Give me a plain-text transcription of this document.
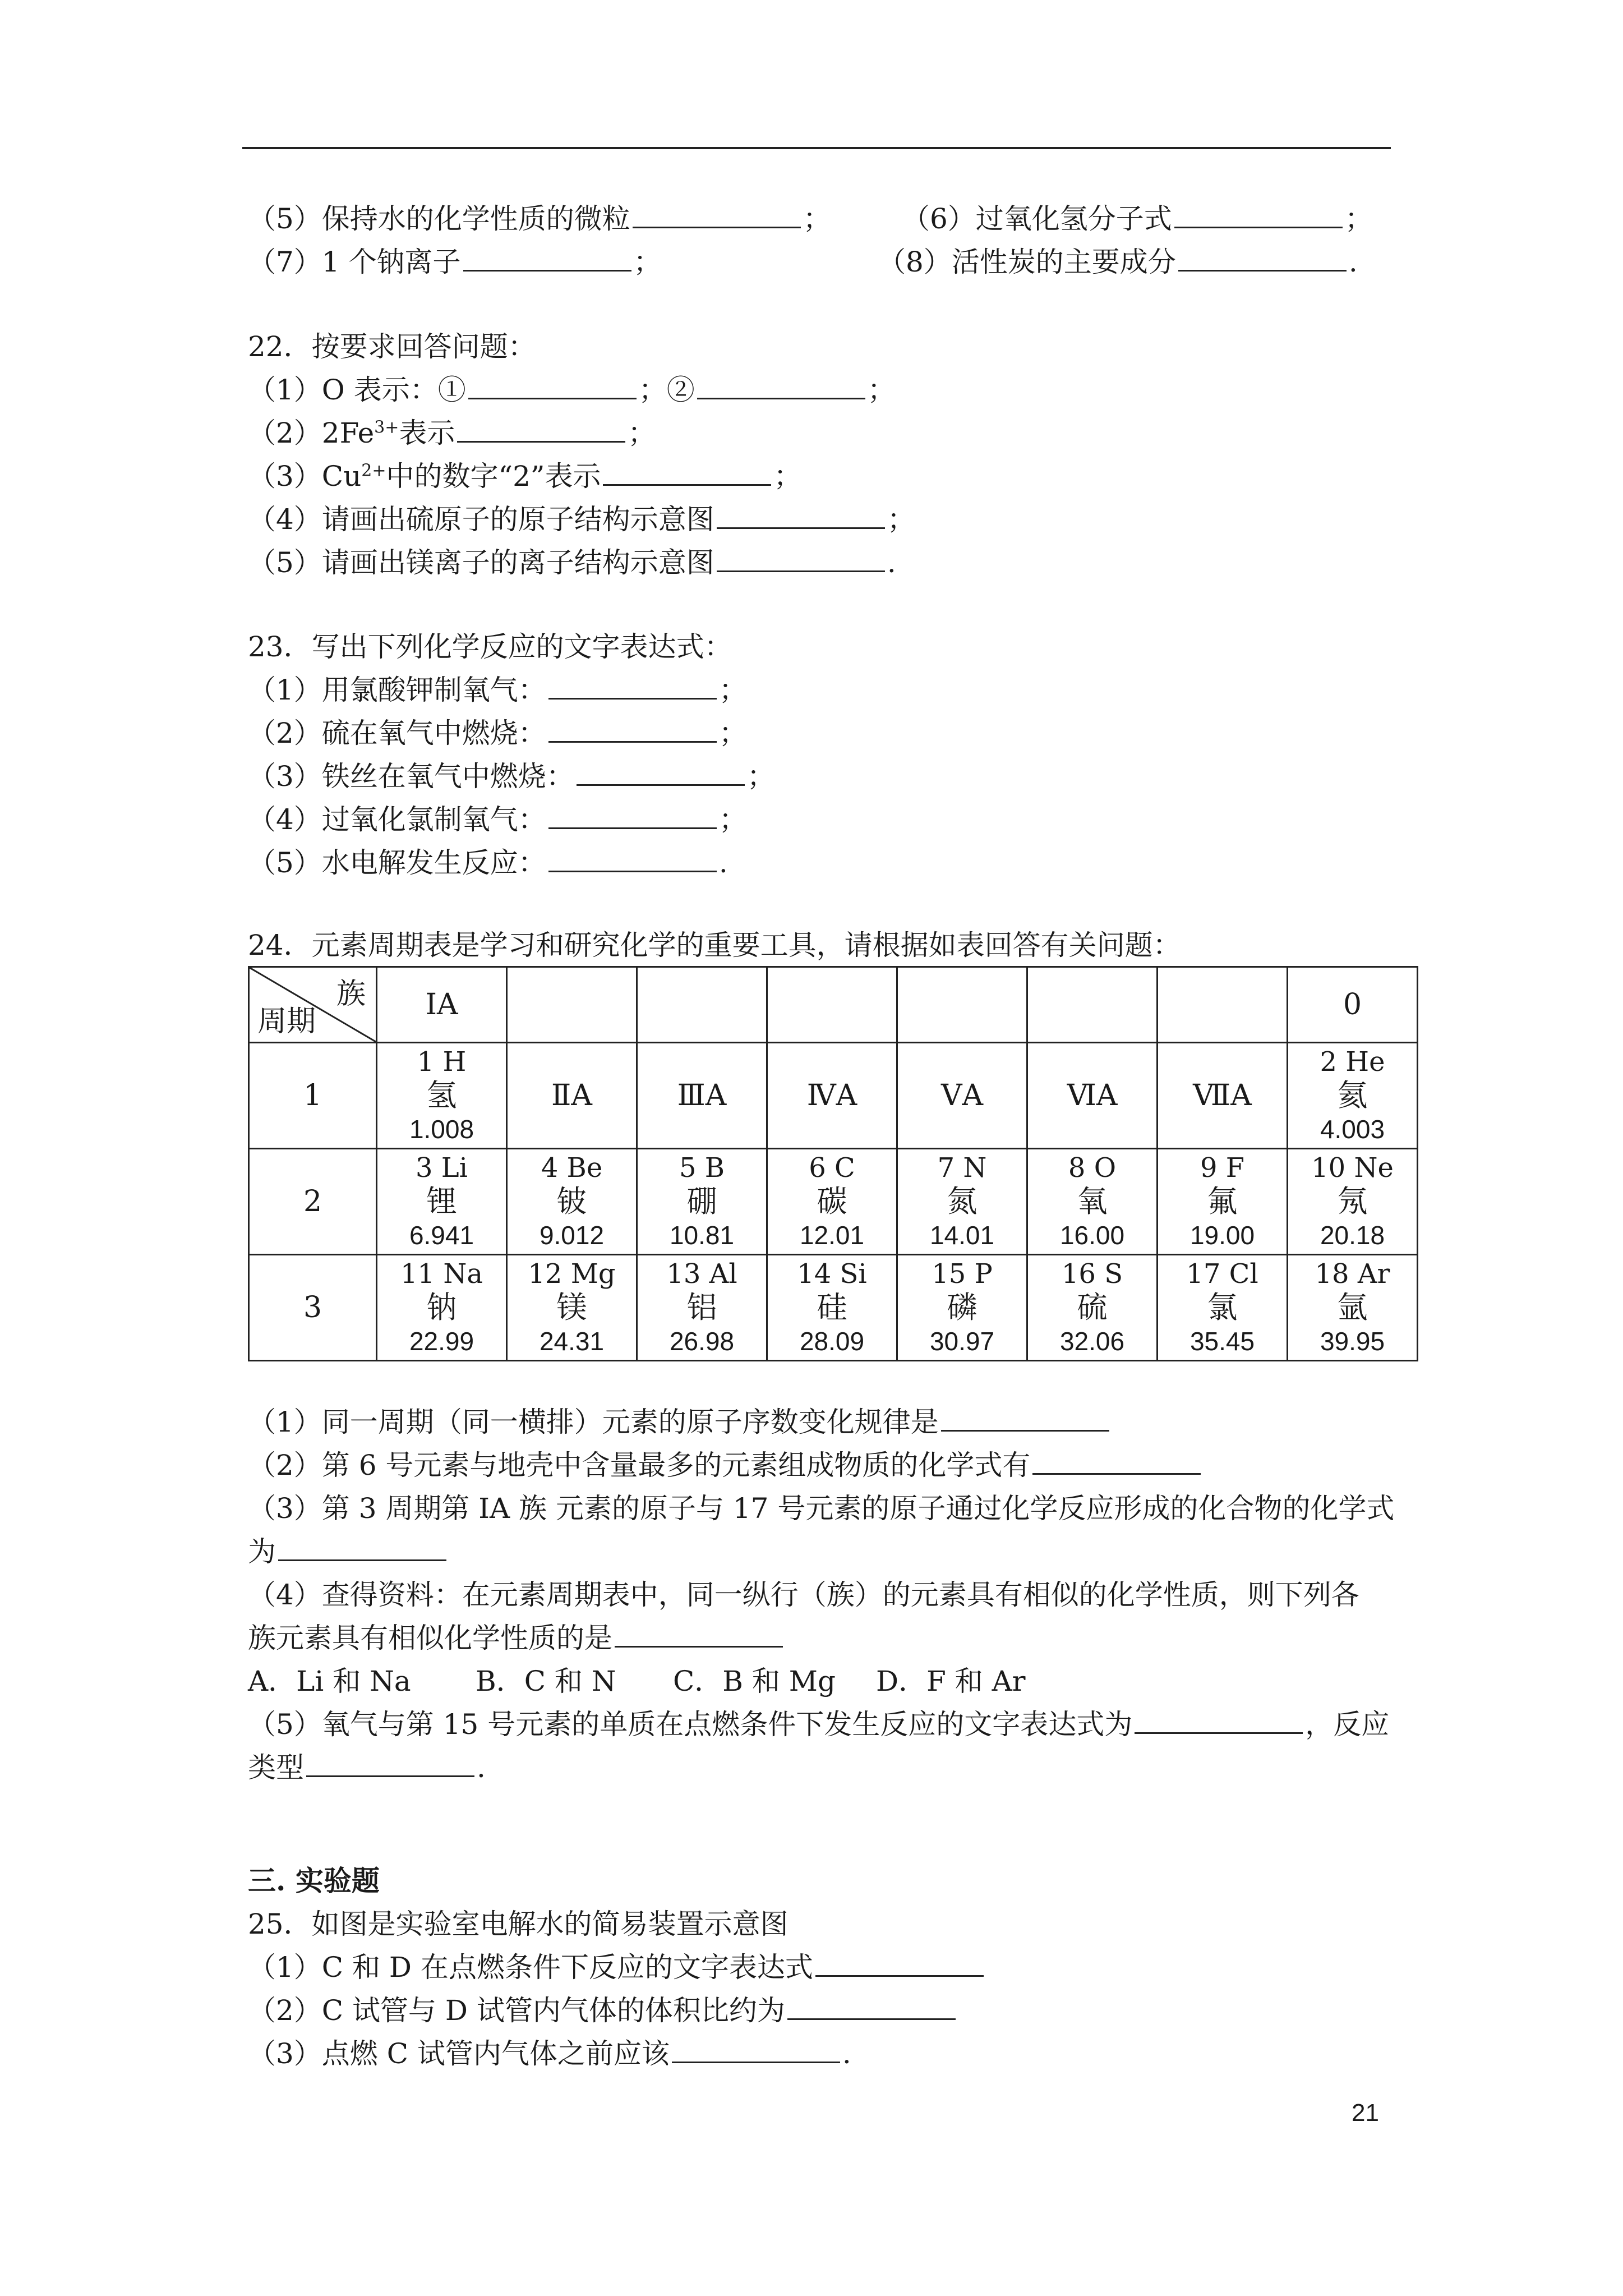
（5）保持水的化学性质的微粒	；	（6）过氧化氢分子式	；
（7）1 个钠离子	；	（8）活性炭的主要成分	.
22．按要求回答问题：
（1）O 表示：①	；②	；
$(2)2Fe^{3+}$表示	；
$(3)Cu^{2+}$中的数字“2”表示	；
（4）请画出硫原子的原子结构示意图	；
（5）请画出镁离子的离子结构示意图	.
23．写出下列化学反应的文字表达式：
（1）用氯酸钾制氧气：	；
（2）硫在氧气中燃烧：	；
（3）铁丝在氧气中燃烧：	；
（4）过氧化氯制氧气：	；
（5）水电解发生反应：	.
24．元素周期表是学习和研究化学的重要工具，请根据如表回答有关问题：
族
周期	ⅠA							0
1	1 H
氢
1.008	ⅡA	ⅢA	ⅣA	ⅤA	ⅥA	ⅦA	2 He
氦
4.003

2	3 Li
锂
6.941	4 Be
铍
9.012	5 B
硼
10.81	6 C
碳
12.01	7 N
氮
14.01	8 O
氧
16.00	9 F
氟
19.00	10 Ne
氖
20.18

3	11 Na
钠
22.99	12 Mg
镁
24.31	13 Al
铝
26.98	14 Si
硅
28.09	15 P
磷
30.97	16 S
硫
32.06	17 Cl
氯
35.45	18 Ar
氩
39.95
（1）同一周期（同一横排）元素的原子序数变化规律是
（2）第 6 号元素与地壳中含量最多的元素组成物质的化学式有
（3）第 3 周期第 IA 族 元素的原子与 17 号元素的原子通过化学反应形成的化合物的化学式
为
（4）查得资料：在元素周期表中，同一纵行（族）的元素具有相似的化学性质，则下列各
族元素具有相似化学性质的是
A．Li 和 Na B．C 和 N C．B 和 Mg D．F 和 Ar
（5）氧气与第 15 号元素的单质在点燃条件下发生反应的文字表达式为	，反应
类型	.
三. 实验题
25．如图是实验室电解水的简易装置示意图
（1）C 和 D 在点燃条件下反应的文字表达式
（2）C 试管与 D 试管内气体的体积比约为
（3）点燃 C 试管内气体之前应该	.
21
